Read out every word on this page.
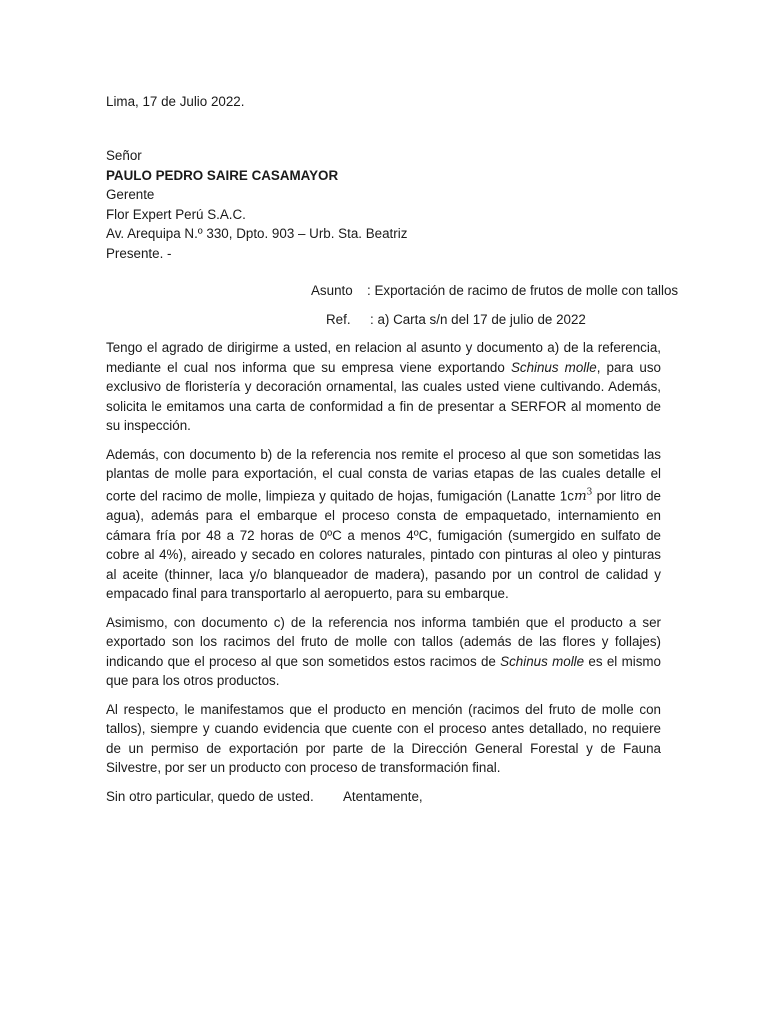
Lima, 17 de Julio 2022.
Señor
PAULO PEDRO SAIRE CASAMAYOR
Gerente
Flor Expert Perú S.A.C.
Av. Arequipa N.º 330, Dpto. 903 – Urb. Sta. Beatriz
Presente. -
Asunto : Exportación de racimo de frutos de molle con tallos
Ref. : a) Carta s/n del 17 de julio de 2022

Tengo el agrado de dirigirme a usted, en relacion al asunto y documento a) de la referencia, mediante el cual nos informa que su empresa viene exportando Schinus molle, para uso exclusivo de floristería y decoración ornamental, las cuales usted viene cultivando. Además, solicita le emitamos una carta de conformidad a fin de presentar a SERFOR al momento de su inspección.

Además, con documento b) de la referencia nos remite el proceso al que son sometidas las plantas de molle para exportación, el cual consta de varias etapas de las cuales detalle el corte del racimo de molle, limpieza y quitado de hojas, fumigación (Lanatte $1cm^3$ por litro de agua), además para el embarque el proceso consta de empaquetado, internamiento en cámara fría por 48 a 72 horas de 0ºC a menos 4ºC, fumigación (sumergido en sulfato de cobre al 4%), aireado y secado en colores naturales, pintado con pinturas al oleo y pinturas al aceite (thinner, laca y/o blanqueador de madera), pasando por un control de calidad y empacado final para transportarlo al aeropuerto, para su embarque.

Asimismo, con documento c) de la referencia nos informa también que el producto a ser exportado son los racimos del fruto de molle con tallos (además de las flores y follajes) indicando que el proceso al que son sometidos estos racimos de Schinus molle es el mismo que para los otros productos.

Al respecto, le manifestamos que el producto en mención (racimos del fruto de molle con tallos), siempre y cuando evidencia que cuente con el proceso antes detallado, no requiere de un permiso de exportación por parte de la Dirección General Forestal y de Fauna Silvestre, por ser un producto con proceso de transformación final.

Sin otro particular, quedo de usted.	Atentamente,
